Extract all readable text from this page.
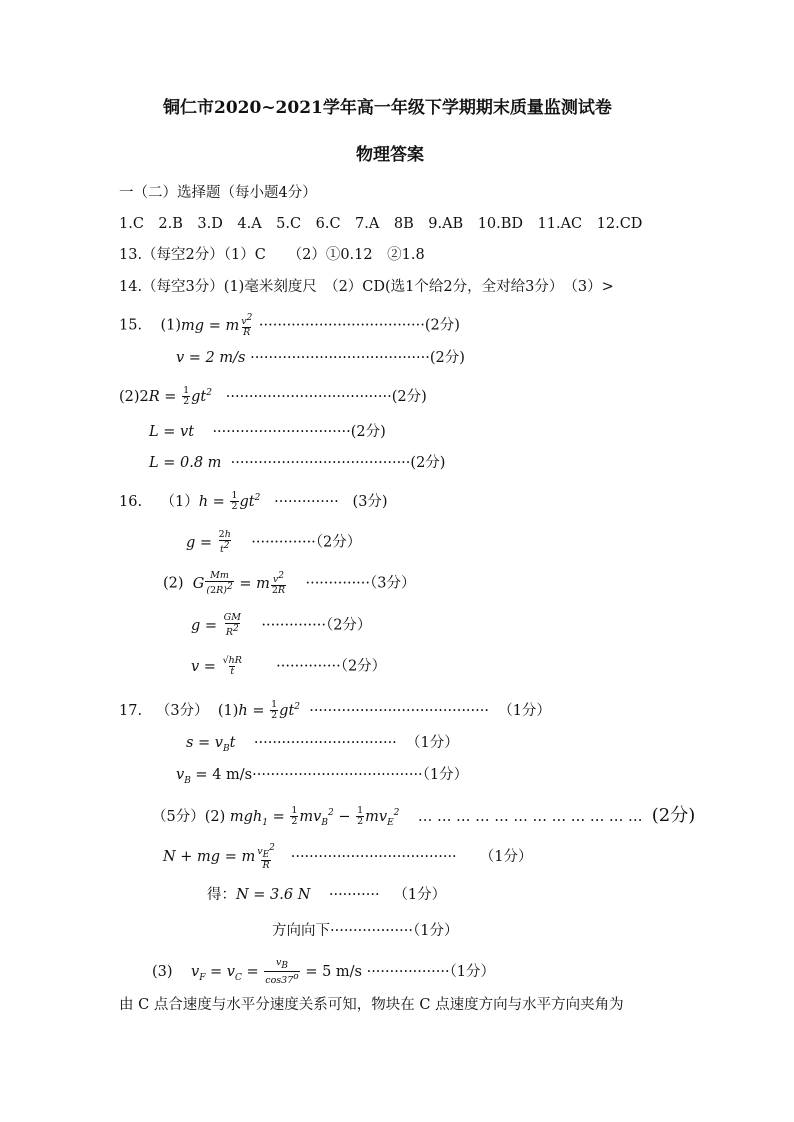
铜仁市2020~2021学年高一年级下学期期末质量监测试卷
物理答案
一（二）选择题（每小题4分）
1.C　2.B　3.D　4.A　5.C　6.C　7.A　8B　9.AB　10.BD　11.AC　12.CD
13.（每空2分）（1）C　　（2）①0.12　②1.8
14.（每空3分）(1)毫米刻度尺　（2）CD(选1个给2分，全对给3分）　（3）>
15. (1)mg = m $\frac{v^2}{R} \cdot\cdot\cdot\cdot\cdot\cdot\cdot\cdot\cdot\cdot\cdot\cdot\cdot\cdot\cdot\cdot\cdot\cdot\cdot\cdot\cdot\cdot\cdot\cdot\cdot\cdot\cdot\cdot\cdot\cdot\cdot\cdot\cdot\cdot\cdot\cdot(2$分)
v = 2 m/s ·······································(2分)
$(2)2R = \frac{1}{2} gt^2 \cdot\cdot\cdot\cdot\cdot\cdot\cdot\cdot\cdot\cdot\cdot\cdot\cdot\cdot\cdot\cdot\cdot\cdot\cdot\cdot\cdot\cdot\cdot\cdot\cdot\cdot\cdot\cdot\cdot\cdot\cdot\cdot\cdot\cdot\cdot\cdot(2$分)
L = vt ······························(2分)
L = 0.8 m ·······································(2分)
16. $(1)h = \frac{1}{2} gt^2$ ·············· (3分)
$g = \frac{2h}{t^2} \cdot\cdot\cdot\cdot\cdot\cdot\cdot\cdot\cdot\cdot\cdot\cdot\cdot\cdot(2$分）
(2) G $\frac{Mm}{(2R)^2} = m \frac{v^2}{2R} \cdot\cdot\cdot\cdot\cdot\cdot\cdot\cdot\cdot\cdot\cdot\cdot\cdot\cdot(3$分）
$g = \frac{GM}{R^2} \cdot\cdot\cdot\cdot\cdot\cdot\cdot\cdot\cdot\cdot\cdot\cdot\cdot\cdot(2$分）
$v = \frac{√hR}{t} \cdot\cdot\cdot\cdot\cdot\cdot\cdot\cdot\cdot\cdot\cdot\cdot\cdot\cdot(2$分）
17. （3分） $(1)h = \frac{1}{2} gt^2$ ······································· （1分）
$s = v_Bt$ ······························· （1分）
$v_B = 4$ m/s·····································（1分）
（5分）(2) $mgh_1 = \frac{1}{2} mv_B^2 - \frac{1}{2} mv_E^2$ … … … … … … … … … … … …  (2分)
N + mg = m $\frac{v_E^2}{R}$ ···································· （1分）
得：N = 3.6 N ··········· （1分）
方向向下··················（1分）
(3) $v_F = v_C = \frac{v_B}{\cos 37^o} = 5$ m/s ··················（1分）
由 C 点合速度与水平分速度关系可知，物块在 C 点速度方向与水平方向夹角为
